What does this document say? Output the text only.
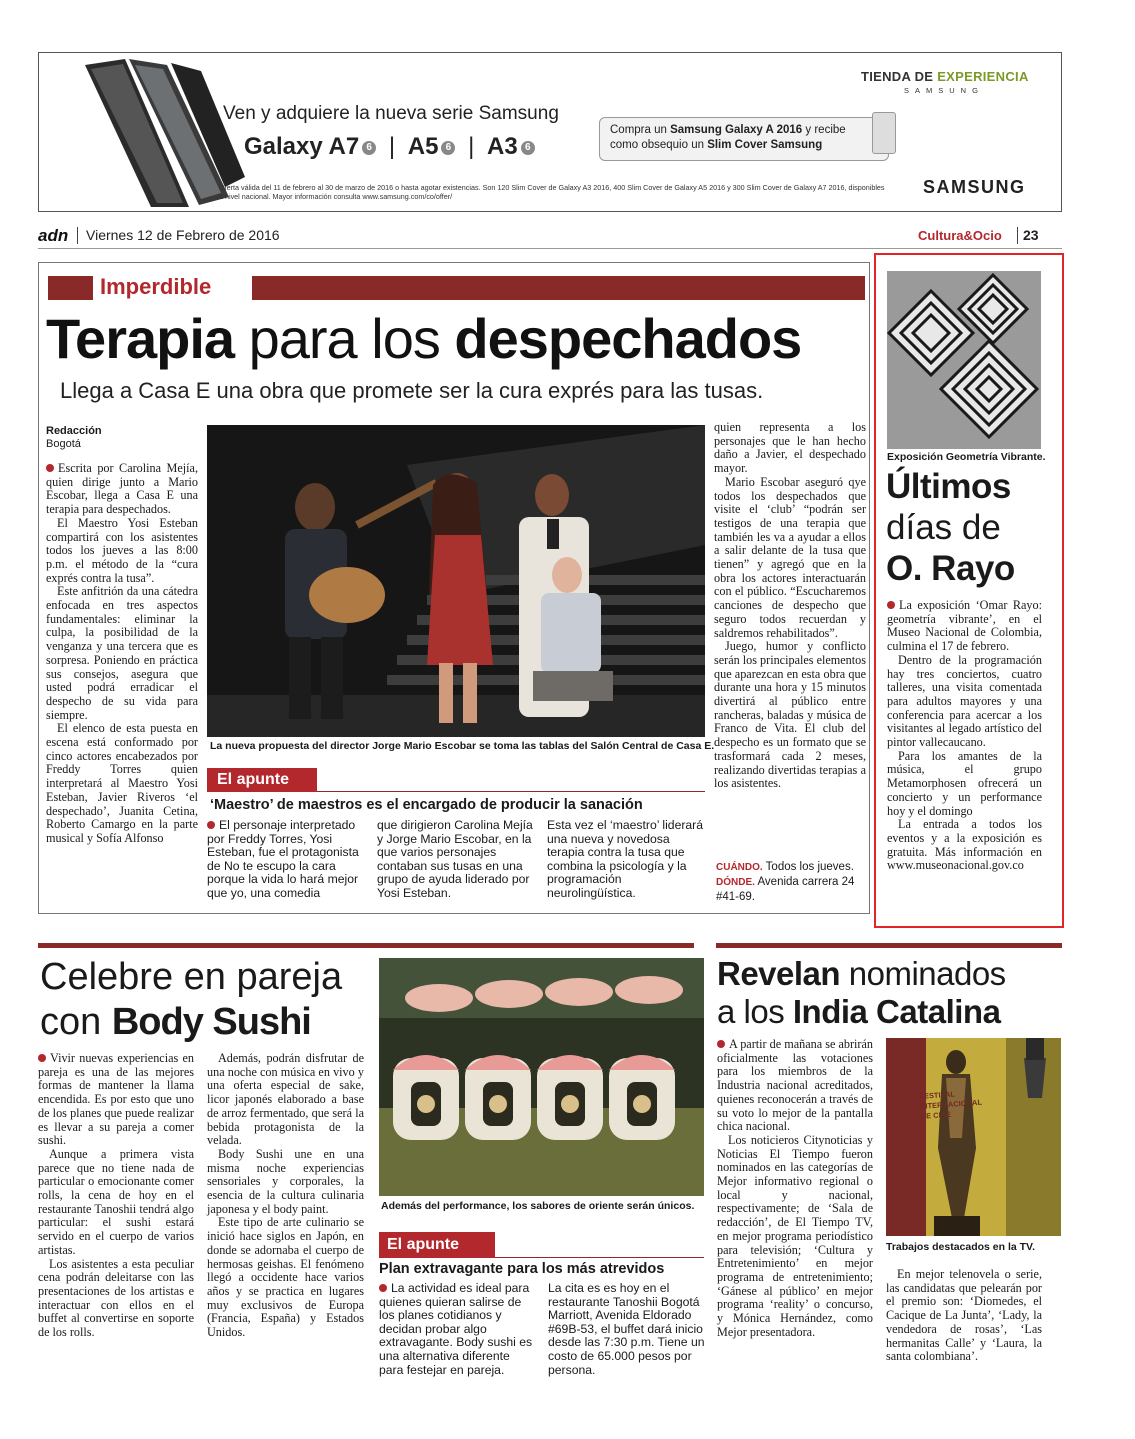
Ven y adquiere la nueva serie Samsung
Galaxy A7 6 | A5 6 | A3 6
Compra un Samsung Galaxy A 2016 y recibe
como obsequio un Slim Cover Samsung
Oferta válida del 11 de febrero al 30 de marzo de 2016 o hasta agotar existencias. Son 120 Slim Cover de Galaxy A3 2016, 400 Slim Cover de Galaxy A5 2016 y 300 Slim Cover de Galaxy A7 2016, disponibles a nivel nacional. Mayor información consulta www.samsung.com/co/offer/
TIENDA DE EXPERIENCIA
SAMSUNG
SAMSUNG
adn Viernes 12 de Febrero de 2016	Cultura&Ocio 23
Imperdible
Terapia para los despechados
Llega a Casa E una obra que promete ser la cura exprés para las tusas.
Redacción
Bogotá

Escrita por Carolina Mejía, quien dirige junto a Mario Escobar, llega a Casa E una terapia para despechados.

El Maestro Yosi Esteban compartirá con los asistentes todos los jueves a las 8:00 p.m. el método de la “cura exprés contra la tusa”.

Este anfitrión da una cátedra enfocada en tres aspectos fundamentales: eliminar la culpa, la posibilidad de la venganza y una tercera que es sorpresa. Poniendo en práctica sus consejos, asegura que usted podrá erradicar el despecho de su vida para siempre.

El elenco de esta puesta en escena está conformado por cinco actores encabezados por Freddy Torres quien interpretará al Maestro Yosi Esteban, Javier Riveros ‘el despechado’, Juanita Cetina, Roberto Camargo en la parte musical y Sofía Alfonso

La nueva propuesta del director Jorge Mario Escobar se toma las tablas del Salón Central de Casa E.
El apunte
‘Maestro’ de maestros es el encargado de producir la sanación
El personaje interpretado por Freddy Torres, Yosi Esteban, fue el protagonista de No te escupo la cara porque la vida lo hará mejor que yo, una comedia
que dirigieron Carolina Mejía y Jorge Mario Escobar, en la que varios personajes contaban sus tusas en una grupo de ayuda liderado por Yosi Esteban.
Esta vez el ‘maestro’ liderará una nueva y novedosa terapia contra la tusa que combina la psicología y la programación neurolingüística.

quien representa a los personajes que le han hecho daño a Javier, el despechado mayor.

Mario Escobar aseguró qye todos los despechados que visite el ‘club’ “podrán ser testigos de una terapia que también les va a ayudar a ellos a salir delante de la tusa que tienen” y agregó que en la obra los actores interactuarán con el público. “Escucharemos canciones de despecho que seguro todos recuerdan y saldremos rehabilitados”.

Juego, humor y conflicto serán los principales elementos que aparezcan en esta obra que durante una hora y 15 minutos divertirá al público entre rancheras, baladas y música de Franco de Vita. El club del despecho es un formato que se trasformará cada 2 meses, realizando divertidas terapias a los asistentes.

CUÁNDO. Todos los jueves.
DÓNDE. Avenida carrera 24 #41-69.
Exposición Geometría Vibrante.
Últimos
días de
O. Rayo

La exposición ‘Omar Rayo: geometría vibrante’, en el Museo Nacional de Colombia, culmina el 17 de febrero.

Dentro de la programación hay tres conciertos, cuatro talleres, una visita comentada para adultos mayores y una conferencia para acercar a los visitantes al legado artístico del pintor vallecaucano.

Para los amantes de la música, el grupo Metamorphosen ofrecerá un concierto y un performance hoy y el domingo

La entrada a todos los eventos y a la exposición es gratuita. Más información en www.museonacional.gov.co

Celebre en pareja
con Body Sushi

Vivir nuevas experiencias en pareja es una de las mejores formas de mantener la llama encendida. Es por esto que uno de los planes que puede realizar es llevar a su pareja a comer sushi.

Aunque a primera vista parece que no tiene nada de particular o emocionante comer rolls, la cena de hoy en el restaurante Tanoshii tendrá algo particular: el sushi estará servido en el cuerpo de varios artistas.

Los asistentes a esta peculiar cena podrán deleitarse con las presentaciones de los artistas e interactuar con ellos en el buffet al convertirse en soporte de los rolls.

Además, podrán disfrutar de una noche con música en vivo y una oferta especial de sake, licor japonés elaborado a base de arroz fermentado, que será la bebida protagonista de la velada.

Body Sushi une en una misma noche experiencias sensoriales y corporales, la esencia de la cultura culinaria japonesa y el body paint.

Este tipo de arte culinario se inició hace siglos en Japón, en donde se adornaba el cuerpo de hermosas geishas. El fenómeno llegó a occidente hace varios años y se practica en lugares muy exclusivos de Europa (Francia, España) y Estados Unidos.

Además del performance, los sabores de oriente serán únicos.
El apunte
Plan extravagante para los más atrevidos
La actividad es ideal para quienes quieran salirse de los planes cotidianos y decidan probar algo extravagante. Body sushi es una alternativa diferente para festejar en pareja.
La cita es es hoy en el restaurante Tanoshii Bogotá Marriott, Avenida Eldorado #69B-53, el buffet dará inicio desde las 7:30 p.m. Tiene un costo de 65.000 pesos por persona.
Revelan nominados
a los India Catalina

A partir de mañana se abrirán oficialmente las votaciones para los miembros de la Industria nacional acreditados, quienes reconocerán a través de su voto lo mejor de la pantalla chica nacional.

Los noticieros Citynoticias y Noticias El Tiempo fueron nominados en las categorías de Mejor informativo regional o local y nacional, respectivamente; de ‘Sala de redacción’, de El Tiempo TV, en mejor programa periodístico para televisión; ‘Cultura y Entretenimiento’ en mejor programa de entretenimiento; ‘Gánese al público’ en mejor programa ‘reality’ o concurso, y Mónica Hernández, como Mejor presentadora.

FESTIVAL INTERNACIONAL DE CINE
Trabajos destacados en la TV.

En mejor telenovela o serie, las candidatas que pelearán por el premio son: ‘Diomedes, el Cacique de La Junta’, ‘Lady, la vendedora de rosas’, ‘Las hermanitas Calle’ y ‘Laura, la santa colombiana’.
